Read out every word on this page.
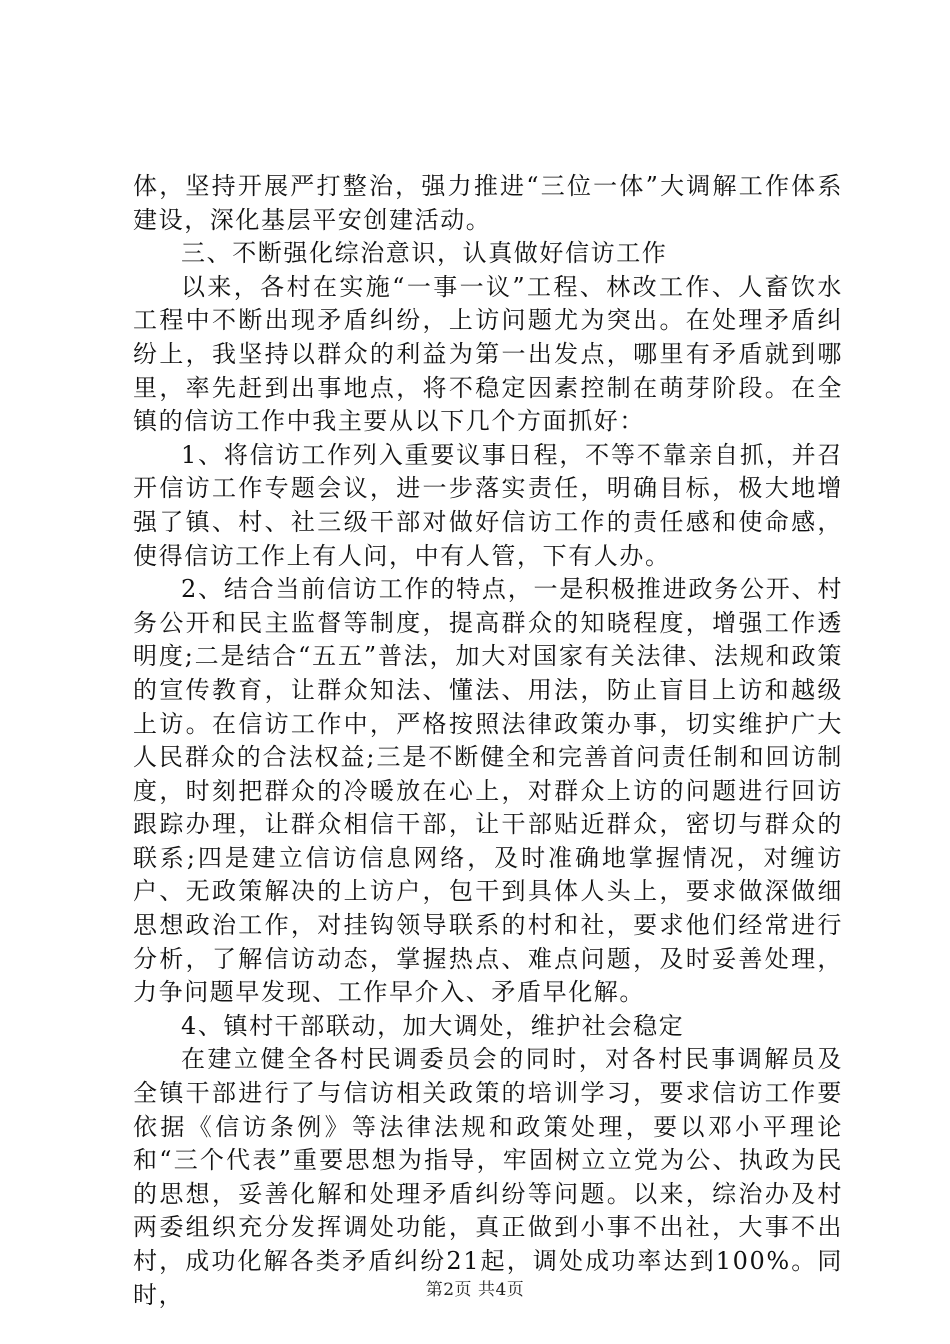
体，坚持开展严打整治，强力推进“三位一体”大调解工作体系建设，深化基层平安创建活动。

三、不断强化综治意识，认真做好信访工作

以来，各村在实施“一事一议”工程、林改工作、人畜饮水工程中不断出现矛盾纠纷，上访问题尤为突出。在处理矛盾纠纷上，我坚持以群众的利益为第一出发点，哪里有矛盾就到哪里，率先赶到出事地点，将不稳定因素控制在萌芽阶段。在全镇的信访工作中我主要从以下几个方面抓好：

1、将信访工作列入重要议事日程，不等不靠亲自抓，并召开信访工作专题会议，进一步落实责任，明确目标，极大地增强了镇、村、社三级干部对做好信访工作的责任感和使命感，使得信访工作上有人问，中有人管，下有人办。

2、结合当前信访工作的特点，一是积极推进政务公开、村务公开和民主监督等制度，提高群众的知晓程度，增强工作透明度;二是结合“五五”普法，加大对国家有关法律、法规和政策的宣传教育，让群众知法、懂法、用法，防止盲目上访和越级上访。在信访工作中，严格按照法律政策办事，切实维护广大人民群众的合法权益;三是不断健全和完善首问责任制和回访制度，时刻把群众的冷暖放在心上，对群众上访的问题进行回访跟踪办理，让群众相信干部，让干部贴近群众，密切与群众的联系;四是建立信访信息网络，及时准确地掌握情况，对缠访户、无政策解决的上访户，包干到具体人头上，要求做深做细思想政治工作，对挂钩领导联系的村和社，要求他们经常进行分析，了解信访动态，掌握热点、难点问题，及时妥善处理，力争问题早发现、工作早介入、矛盾早化解。

4、镇村干部联动，加大调处，维护社会稳定

在建立健全各村民调委员会的同时，对各村民事调解员及全镇干部进行了与信访相关政策的培训学习，要求信访工作要依据《信访条例》等法律法规和政策处理，要以邓小平理论和“三个代表”重要思想为指导，牢固树立立党为公、执政为民的思想，妥善化解和处理矛盾纠纷等问题。以来，综治办及村两委组织充分发挥调处功能，真正做到小事不出社，大事不出村，成功化解各类矛盾纠纷21起，调处成功率达到100%。同时，	第2页 共4页
